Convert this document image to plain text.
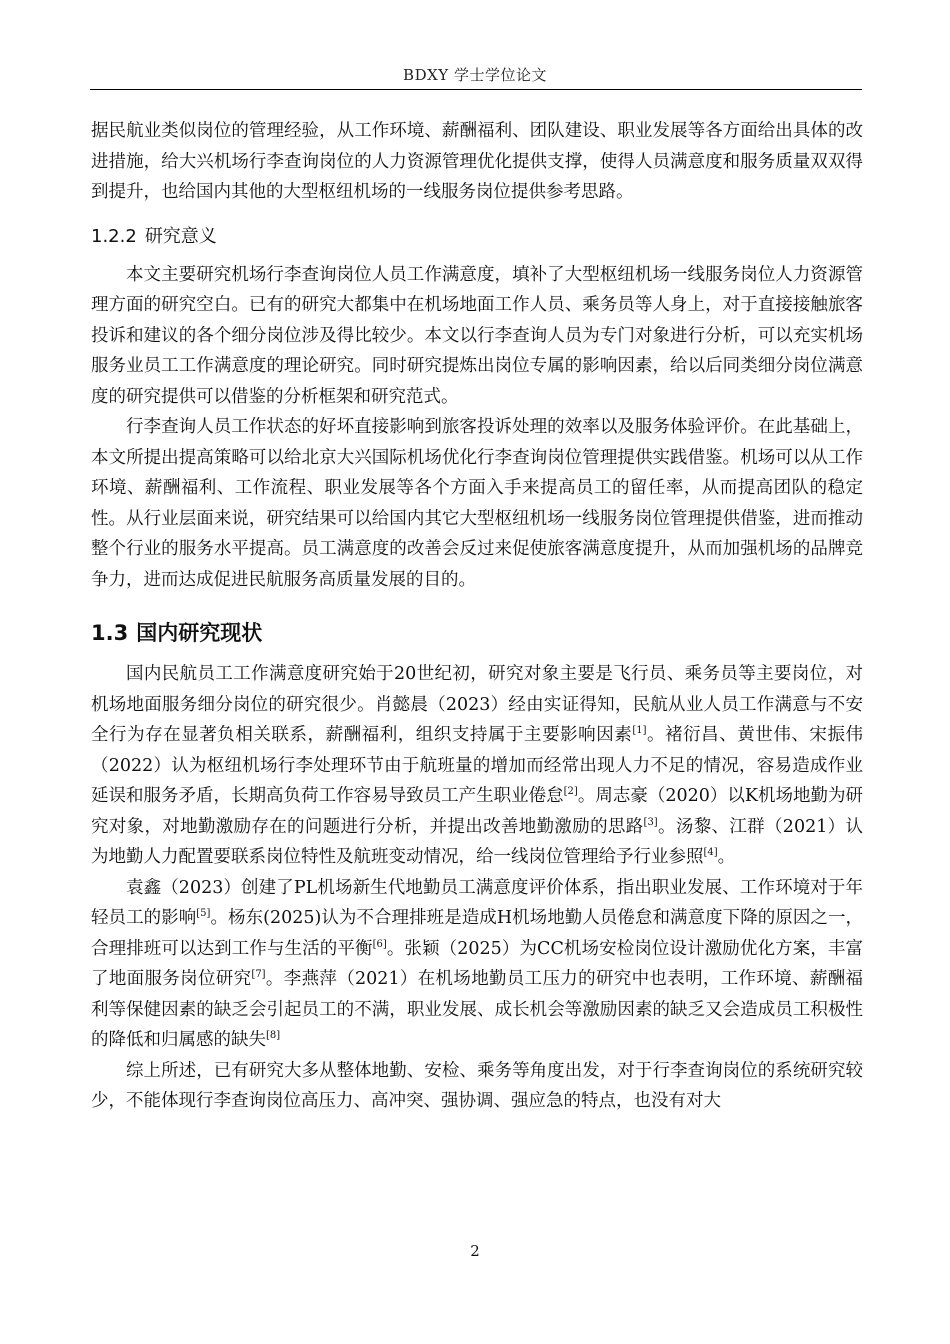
BDXY 学士学位论文

据民航业类似岗位的管理经验，从工作环境、薪酬福利、团队建设、职业发展等各方面给出具体的改进措施，给大兴机场行李查询岗位的人力资源管理优化提供支撑，使得人员满意度和服务质量双双得到提升，也给国内其他的大型枢纽机场的一线服务岗位提供参考思路。

1.2.2 研究意义

本文主要研究机场行李查询岗位人员工作满意度，填补了大型枢纽机场一线服务岗位人力资源管理方面的研究空白。已有的研究大都集中在机场地面工作人员、乘务员等人身上，对于直接接触旅客投诉和建议的各个细分岗位涉及得比较少。本文以行李查询人员为专门对象进行分析，可以充实机场服务业员工工作满意度的理论研究。同时研究提炼出岗位专属的影响因素，给以后同类细分岗位满意度的研究提供可以借鉴的分析框架和研究范式。

行李查询人员工作状态的好坏直接影响到旅客投诉处理的效率以及服务体验评价。在此基础上，本文所提出提高策略可以给北京大兴国际机场优化行李查询岗位管理提供实践借鉴。机场可以从工作环境、薪酬福利、工作流程、职业发展等各个方面入手来提高员工的留任率，从而提高团队的稳定性。从行业层面来说，研究结果可以给国内其它大型枢纽机场一线服务岗位管理提供借鉴，进而推动整个行业的服务水平提高。员工满意度的改善会反过来促使旅客满意度提升，从而加强机场的品牌竞争力，进而达成促进民航服务高质量发展的目的。

1.3 国内研究现状

国内民航员工工作满意度研究始于20世纪初，研究对象主要是飞行员、乘务员等主要岗位，对机场地面服务细分岗位的研究很少。肖懿晨（2023）经由实证得知，民航从业人员工作满意与不安全行为存在显著负相关联系，薪酬福利，组织支持属于主要影响因素[1]。褚衍昌、黄世伟、宋振伟（2022）认为枢纽机场行李处理环节由于航班量的增加而经常出现人力不足的情况，容易造成作业延误和服务矛盾，长期高负荷工作容易导致员工产生职业倦怠[2]。周志豪（2020）以K机场地勤为研究对象，对地勤激励存在的问题进行分析，并提出改善地勤激励的思路[3]。汤黎、江群（2021）认为地勤人力配置要联系岗位特性及航班变动情况，给一线岗位管理给予行业参照[4]。

袁鑫（2023）创建了PL机场新生代地勤员工满意度评价体系，指出职业发展、工作环境对于年轻员工的影响[5]。杨东(2025)认为不合理排班是造成H机场地勤人员倦怠和满意度下降的原因之一，合理排班可以达到工作与生活的平衡[6]。张颖（2025）为CC机场安检岗位设计激励优化方案，丰富了地面服务岗位研究[7]。李燕萍（2021）在机场地勤员工压力的研究中也表明，工作环境、薪酬福利等保健因素的缺乏会引起员工的不满，职业发展、成长机会等激励因素的缺乏又会造成员工积极性的降低和归属感的缺失[8]

综上所述，已有研究大多从整体地勤、安检、乘务等角度出发，对于行李查询岗位的系统研究较少，不能体现行李查询岗位高压力、高冲突、强协调、强应急的特点，也没有对大

2
